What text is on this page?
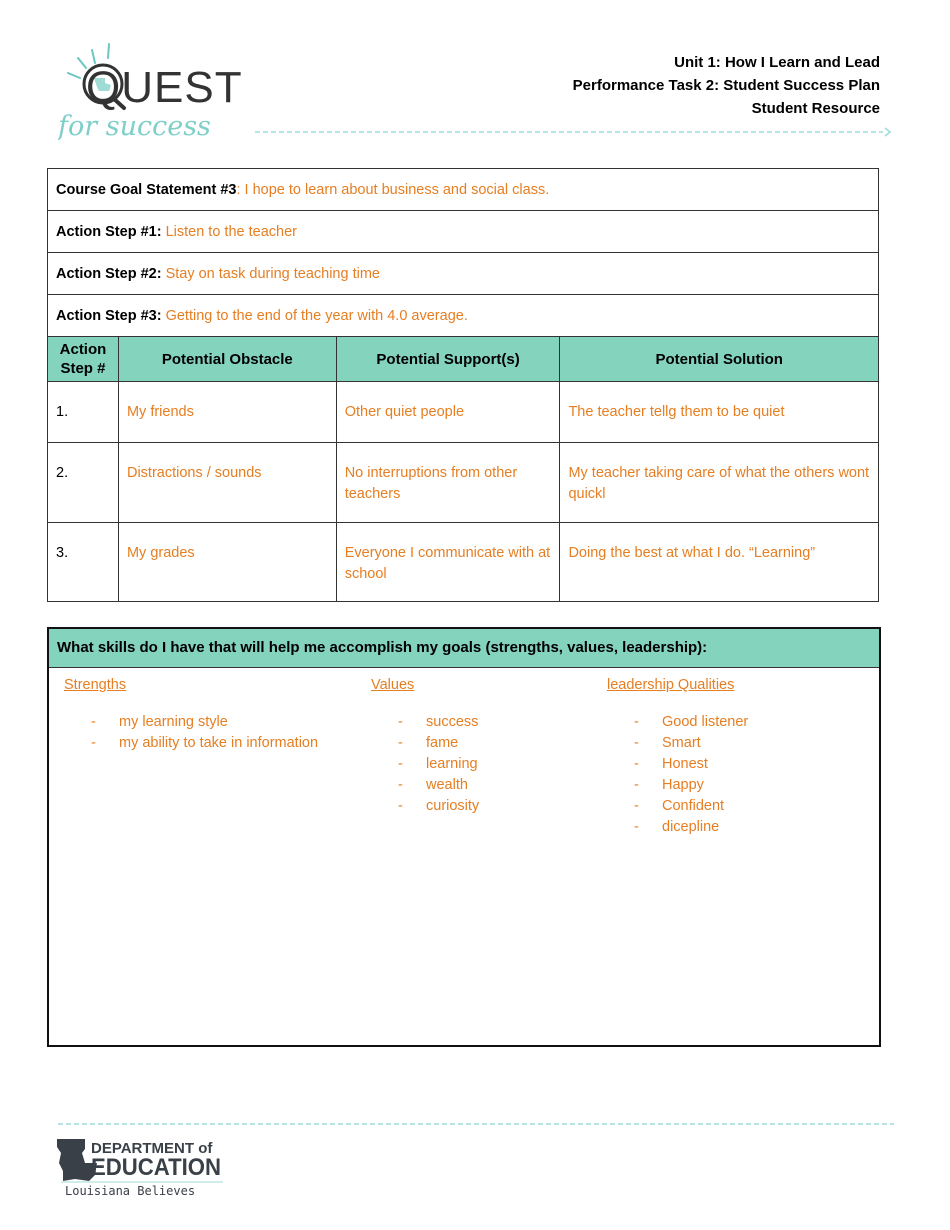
QUEST
for success
Unit 1: How I Learn and Lead
Performance Task 2: Student Success Plan
Student Resource
Course Goal Statement #3: I hope to learn about business and social class.			
Action Step #1: Listen to the teacher			
Action Step #2: Stay on task during teaching time			
Action Step #3: Getting to the end of the year with 4.0 average.			
Action
Step #	Potential Obstacle	Potential Support(s)	Potential Solution
1.	My friends	Other quiet people	The teacher tellg them to be quiet
2.	Distractions / sounds	No interruptions from other teachers	My teacher taking care of what the others wont quickl
3.	My grades	Everyone I communicate with at school	Doing the best at what I do. “Learning”
What skills do I have that will help me accomplish my goals (strengths, values, leadership):
Strengths
- my learning style
- my ability to take in information
Values
- success
- fame
- learning
- wealth
- curiosity
leadership Qualities
- Good listener
- Smart
- Honest
- Happy
- Confident
- dicepline
DEPARTMENT of
EDUCATION
Louisiana Believes
